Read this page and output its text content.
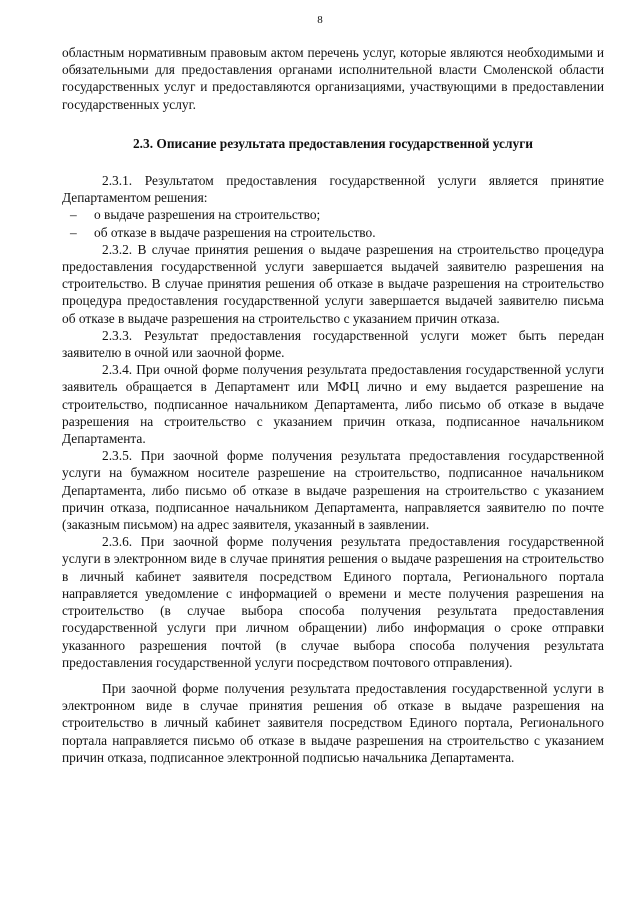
8

областным нормативным правовым актом перечень услуг, которые являются необходимыми и обязательными для предоставления органами исполнительной власти Смоленской области государственных услуг и предоставляются организациями, участвующими в предоставлении государственных услуг.

2.3. Описание результата предоставления государственной услуги

2.3.1. Результатом предоставления государственной услуги является принятие Департаментом решения:

– о выдаче разрешения на строительство;

– об отказе в выдаче разрешения на строительство.

2.3.2. В случае принятия решения о выдаче разрешения на строительство процедура предоставления государственной услуги завершается выдачей заявителю разрешения на строительство. В случае принятия решения об отказе в выдаче разрешения на строительство процедура предоставления государственной услуги завершается выдачей заявителю письма об отказе в выдаче разрешения на строительство с указанием причин отказа.

2.3.3. Результат предоставления государственной услуги может быть передан заявителю в очной или заочной форме.

2.3.4. При очной форме получения результата предоставления государственной услуги заявитель обращается в Департамент или МФЦ лично и ему выдается разрешение на строительство, подписанное начальником Департамента, либо письмо об отказе в выдаче разрешения на строительство с указанием причин отказа, подписанное начальником Департамента.

2.3.5. При заочной форме получения результата предоставления государственной услуги на бумажном носителе разрешение на строительство, подписанное начальником Департамента, либо письмо об отказе в выдаче разрешения на строительство с указанием причин отказа, подписанное начальником Департамента, направляется заявителю по почте (заказным письмом) на адрес заявителя, указанный в заявлении.

2.3.6. При заочной форме получения результата предоставления государственной услуги в электронном виде в случае принятия решения о выдаче разрешения на строительство в личный кабинет заявителя посредством Единого портала, Регионального портала направляется уведомление с информацией о времени и месте получения разрешения на строительство (в случае выбора способа получения результата предоставления государственной услуги при личном обращении) либо информация о сроке отправки указанного разрешения почтой (в случае выбора способа получения результата предоставления государственной услуги посредством почтового отправления).

При заочной форме получения результата предоставления государственной услуги в электронном виде в случае принятия решения об отказе в выдаче разрешения на строительство в личный кабинет заявителя посредством Единого портала, Регионального портала направляется письмо об отказе в выдаче разрешения на строительство с указанием причин отказа, подписанное электронной подписью начальника Департамента.
